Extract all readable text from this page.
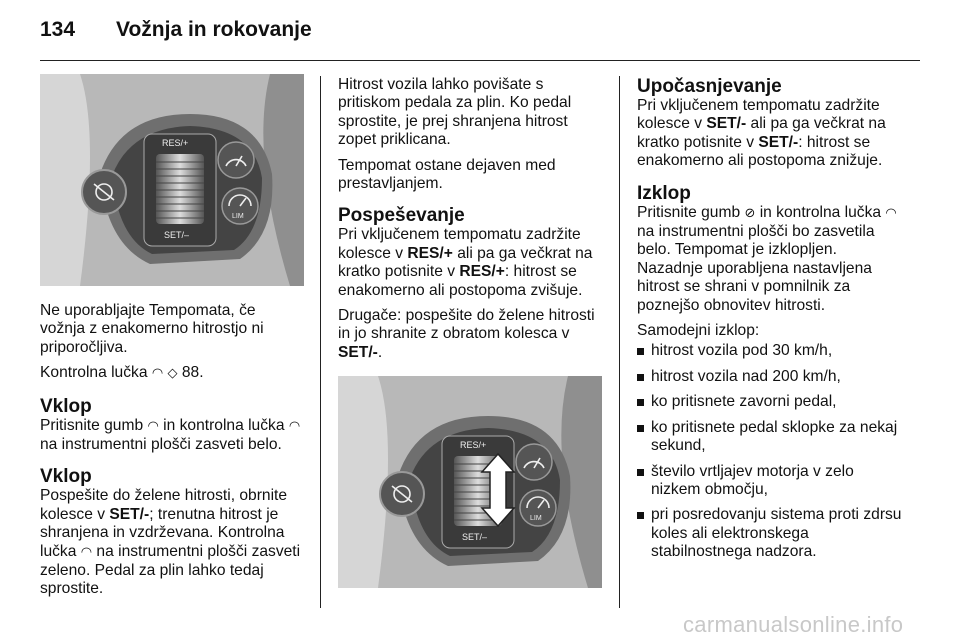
134 Vožnja in rokovanje
RES/+
SET/–
LIM

Ne uporabljajte Tempomata, če vožnja z enakomerno hitrostjo ni priporočljiva.

Kontrolna lučka ◠ ◇ 88.

Vklop

Pritisnite gumb ◠ in kontrolna lučka ◠ na instrumentni plošči zasveti belo.

Vklop

Pospešite do želene hitrosti, obrnite kolesce v SET/-; trenutna hitrost je shranjena in vzdrževana. Kontrolna lučka ◠ na instrumentni plošči zasveti zeleno. Pedal za plin lahko tedaj sprostite.

Hitrost vozila lahko povišate s pritiskom pedala za plin. Ko pedal sprostite, je prej shranjena hitrost zopet priklicana.

Tempomat ostane dejaven med prestavljanjem.

Pospeševanje

Pri vključenem tempomatu zadržite kolesce v RES/+ ali pa ga večkrat na kratko potisnite v RES/+: hitrost se enakomerno ali postopoma zvišuje.

Drugače: pospešite do želene hitrosti in jo shranite z obratom kolesca v SET/-.

RES/+
SET/–
LIM
Upočasnjevanje

Pri vključenem tempomatu zadržite kolesce v SET/- ali pa ga večkrat na kratko potisnite v SET/-: hitrost se enakomerno ali postopoma znižuje.

Izklop

Pritisnite gumb ⊘ in kontrolna lučka ◠ na instrumentni plošči bo zasvetila belo. Tempomat je izklopljen.

Nazadnje uporabljena nastavljena hitrost se shrani v pomnilnik za poznejšo obnovitev hitrosti.

Samodejni izklop:

hitrost vozila pod 30 km/h,
hitrost vozila nad 200 km/h,
ko pritisnete zavorni pedal,
ko pritisnete pedal sklopke za nekaj sekund,
število vrtljajev motorja v zelo nizkem območju,
pri posredovanju sistema proti zdrsu koles ali elektronskega stabilnostnega nadzora.
carmanualsonline.info
